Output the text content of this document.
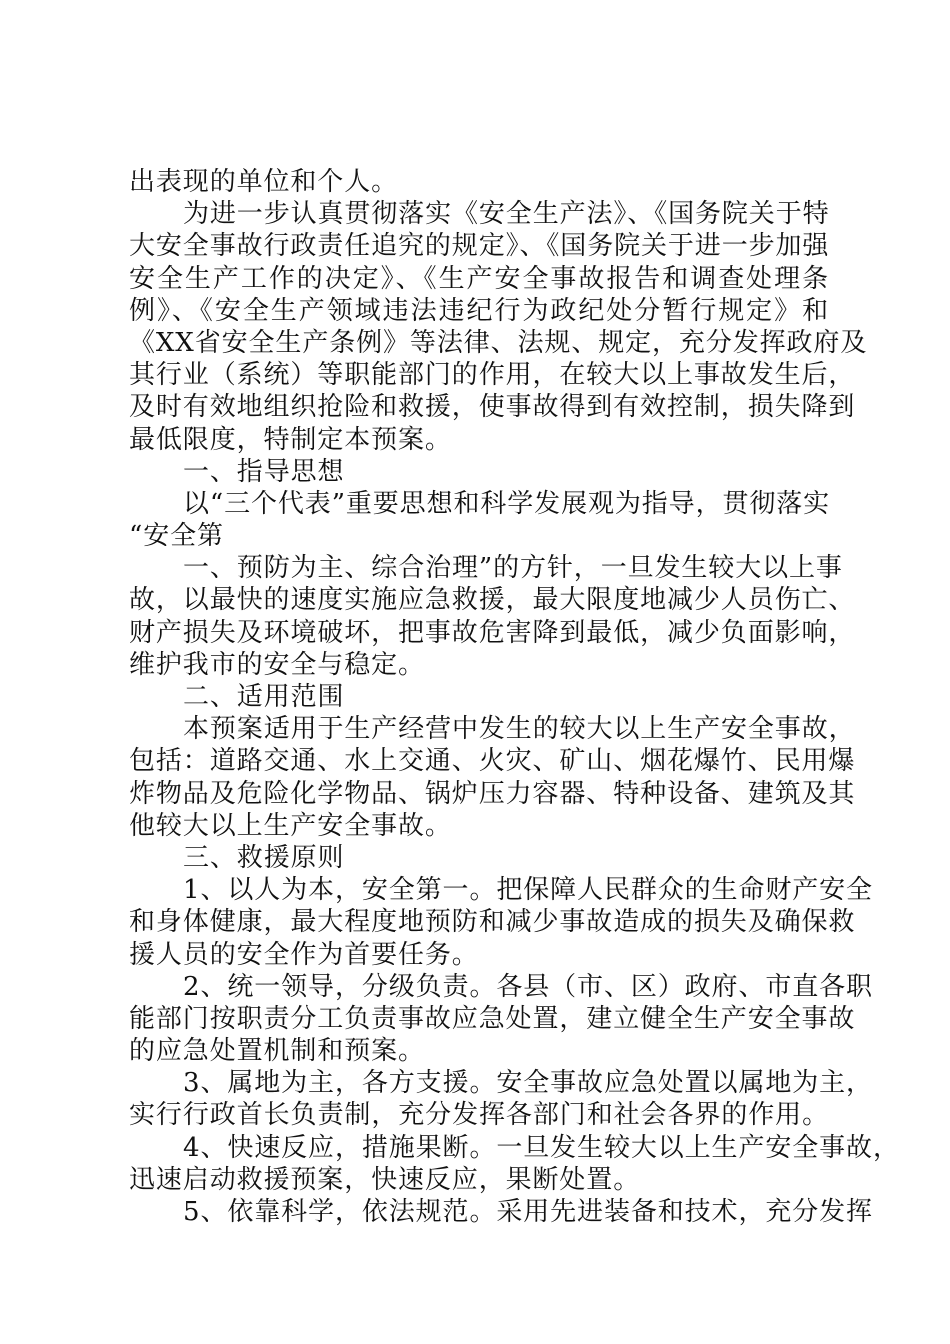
出表现的单位和个人。
为进一步认真贯彻落实《安全生产法》、《国务院关于特
大安全事故行政责任追究的规定》、《国务院关于进一步加强
安全生产工作的决定》、《生产安全事故报告和调查处理条
例》、《安全生产领域违法违纪行为政纪处分暂行规定》和
《XX省安全生产条例》等法律、法规、规定，充分发挥政府及
其行业（系统）等职能部门的作用，在较大以上事故发生后，
及时有效地组织抢险和救援，使事故得到有效控制，损失降到
最低限度，特制定本预案。
一、指导思想
以“三个代表”重要思想和科学发展观为指导，贯彻落实
“安全第
一、预防为主、综合治理”的方针，一旦发生较大以上事
故，以最快的速度实施应急救援，最大限度地减少人员伤亡、
财产损失及环境破坏，把事故危害降到最低，减少负面影响，
维护我市的安全与稳定。
二、适用范围
本预案适用于生产经营中发生的较大以上生产安全事故，
包括：道路交通、水上交通、火灾、矿山、烟花爆竹、民用爆
炸物品及危险化学物品、锅炉压力容器、特种设备、建筑及其
他较大以上生产安全事故。
三、救援原则
1、以人为本，安全第一。把保障人民群众的生命财产安全
和身体健康，最大程度地预防和减少事故造成的损失及确保救
援人员的安全作为首要任务。
2、统一领导，分级负责。各县（市、区）政府、市直各职
能部门按职责分工负责事故应急处置，建立健全生产安全事故
的应急处置机制和预案。
3、属地为主，各方支援。安全事故应急处置以属地为主，
实行行政首长负责制，充分发挥各部门和社会各界的作用。
4、快速反应，措施果断。一旦发生较大以上生产安全事故，
迅速启动救援预案，快速反应，果断处置。
5、依靠科学，依法规范。采用先进装备和技术，充分发挥
